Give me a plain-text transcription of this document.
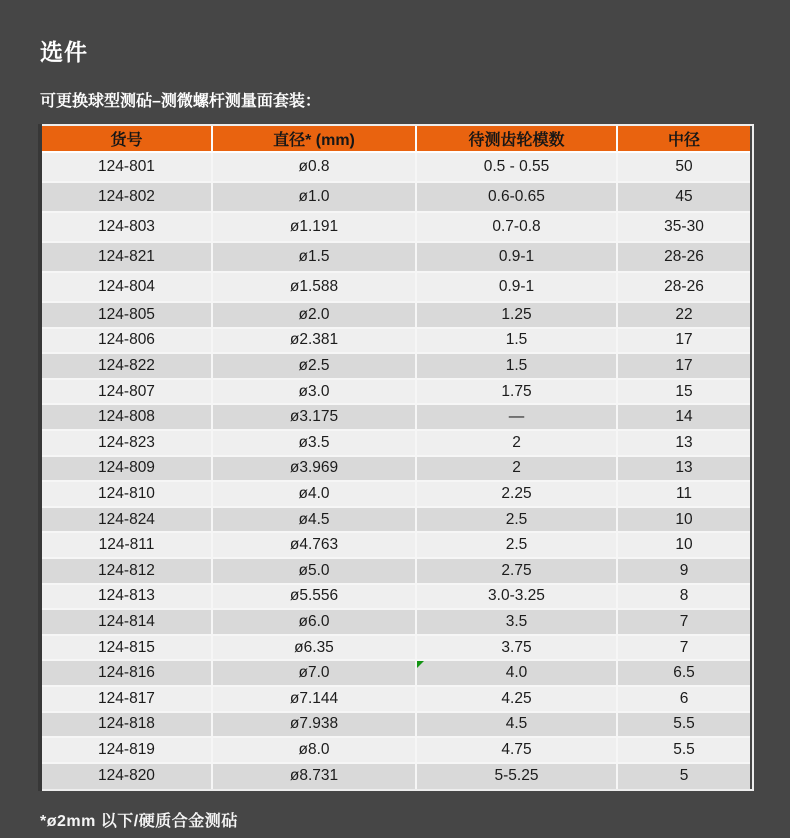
选件

可更换球型测砧–测微螺杆测量面套装：

货号	直径* (mm)	待测齿轮模数	中径
124-801	ø0.8	0.5 - 0.55	50
124-802	ø1.0	0.6-0.65	45
124-803	ø1.191	0.7-0.8	35-30
124-821	ø1.5	0.9-1	28-26
124-804	ø1.588	0.9-1	28-26
124-805	ø2.0	1.25	22
124-806	ø2.381	1.5	17
124-822	ø2.5	1.5	17
124-807	ø3.0	1.75	15
124-808	ø3.175	—	14
124-823	ø3.5	2	13
124-809	ø3.969	2	13
124-810	ø4.0	2.25	11
124-824	ø4.5	2.5	10
124-811	ø4.763	2.5	10
124-812	ø5.0	2.75	9
124-813	ø5.556	3.0-3.25	8
124-814	ø6.0	3.5	7
124-815	ø6.35	3.75	7
124-816	ø7.0	4.0	6.5
124-817	ø7.144	4.25	6
124-818	ø7.938	4.5	5.5
124-819	ø8.0	4.75	5.5
124-820	ø8.731	5-5.25	5

*ø2mm 以下/硬质合金测砧
